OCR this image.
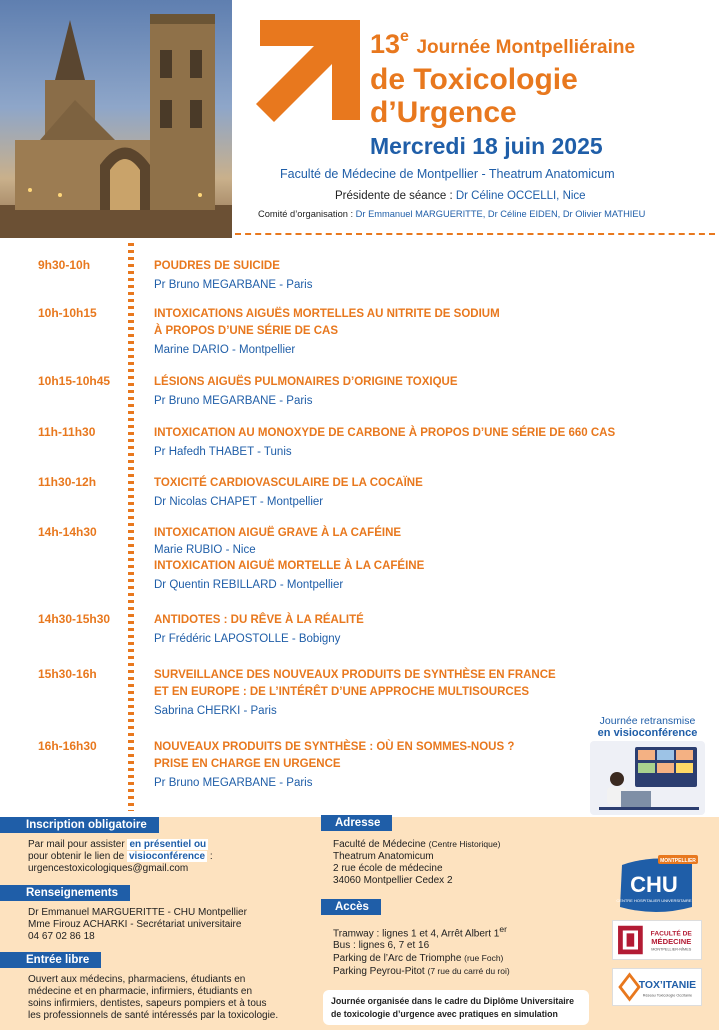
13e Journée Montpelliéraine
de Toxicologie
d’Urgence
Mercredi 18 juin 2025
Faculté de Médecine de Montpellier - Theatrum Anatomicum
Présidente de séance : Dr Céline OCCELLI, Nice
Comité d’organisation : Dr Emmanuel MARGUERITTE, Dr Céline EIDEN, Dr Olivier MATHIEU
9h30-10h	POUDRES DE SUICIDE
Pr Bruno MEGARBANE - Paris
10h-10h15	INTOXICATIONS AIGUËS MORTELLES AU NITRITE DE SODIUM
À PROPOS D’UNE SÉRIE DE CAS
Marine DARIO - Montpellier
10h15-10h45	LÉSIONS AIGUËS PULMONAIRES D’ORIGINE TOXIQUE
Pr Bruno MEGARBANE - Paris
11h-11h30	INTOXICATION AU MONOXYDE DE CARBONE À PROPOS D’UNE SÉRIE DE 660 CAS
Pr Hafedh THABET - Tunis
11h30-12h	TOXICITÉ CARDIOVASCULAIRE DE LA COCAÏNE
Dr Nicolas CHAPET - Montpellier
14h-14h30	INTOXICATION AIGUË GRAVE À LA CAFÉINE
Marie RUBIO - Nice
INTOXICATION AIGUË MORTELLE À LA CAFÉINE
Dr Quentin REBILLARD - Montpellier
14h30-15h30	ANTIDOTES : DU RÊVE À LA RÉALITÉ
Pr Frédéric LAPOSTOLLE - Bobigny
15h30-16h	SURVEILLANCE DES NOUVEAUX PRODUITS DE SYNTHÈSE EN FRANCE
ET EN EUROPE : DE L’INTÉRÊT D’UNE APPROCHE MULTISOURCES
Sabrina CHERKI - Paris
16h-16h30	NOUVEAUX PRODUITS DE SYNTHÈSE : OÙ EN SOMMES-NOUS ?
PRISE EN CHARGE EN URGENCE
Pr Bruno MEGARBANE - Paris
Journée retransmise
en visioconférence
Inscription obligatoire
Par mail pour assister en présentiel ou
pour obtenir le lien de visioconférence :
urgencestoxicologiques@gmail.com
Renseignements
Dr Emmanuel MARGUERITTE - CHU Montpellier
Mme Firouz ACHARKI - Secrétariat universitaire
04 67 02 86 18
Entrée libre
Ouvert aux médecins, pharmaciens, étudiants en
médecine et en pharmacie, infirmiers, étudiants en
soins infirmiers, dentistes, sapeurs pompiers et à tous
les professionnels de santé intéressés par la toxicologie.
Adresse
Faculté de Médecine (Centre Historique)
Theatrum Anatomicum
2 rue école de médecine
34060 Montpellier Cedex 2
Accès
Tramway : lignes 1 et 4, Arrêt Albert 1er
Bus : lignes 6, 7 et 16
Parking de l’Arc de Triomphe (rue Foch)
Parking Peyrou-Pitot (7 rue du carré du roi)
Journée organisée dans le cadre du Diplôme Universitaire
de toxicologie d’urgence avec pratiques en simulation
MONTPELLIER
CHU
CENTRE HOSPITALIER UNIVERSITAIRE
FACULTÉ DE
MÉDECINE
MONTPELLIER-NÎMES
TOX’ITANIE
Réseau Toxicologie Occitanie
